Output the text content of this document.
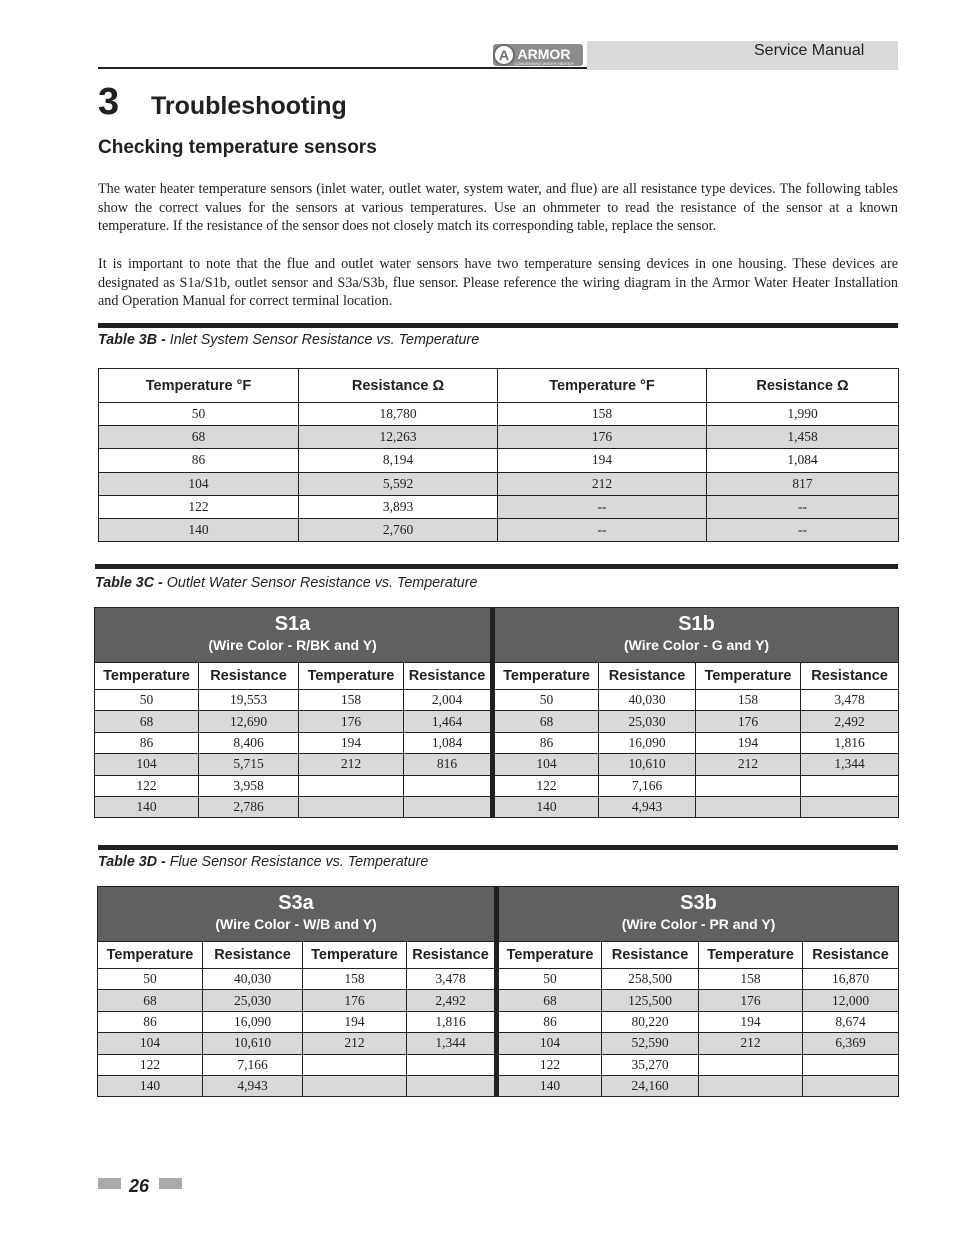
A ARMOR
CONDENSING WATER HEATER
Service Manual
3 Troubleshooting
Checking temperature sensors

The water heater temperature sensors (inlet water, outlet water, system water, and flue) are all resistance type devices. The following tables show the correct values for the sensors at various temperatures. Use an ohmmeter to read the resistance of the sensor at a known temperature. If the resistance of the sensor does not closely match its corresponding table, replace the sensor.

It is important to note that the flue and outlet water sensors have two temperature sensing devices in one housing. These devices are designated as S1a/S1b, outlet sensor and S3a/S3b, flue sensor. Please reference the wiring diagram in the Armor Water Heater Installation and Operation Manual for correct terminal location.

Table 3B - Inlet System Sensor Resistance vs. Temperature
Temperature °F	Resistance Ω	Temperature °F	Resistance Ω
50	18,780	158	1,990
68	12,263	176	1,458
86	8,194	194	1,084
104	5,592	212	817
122	3,893	--	--
140	2,760	--	--
Table 3C - Outlet Water Sensor Resistance vs. Temperature
S1a
(Wire Color - R/BK and Y)				S1b
(Wire Color - G and Y)			

Temperature	Resistance	Temperature	Resistance	Temperature	Resistance	Temperature	Resistance
50	19,553	158	2,004	50	40,030	158	3,478
68	12,690	176	1,464	68	25,030	176	2,492
86	8,406	194	1,084	86	16,090	194	1,816
104	5,715	212	816	104	10,610	212	1,344
122	3,958			122	7,166		
140	2,786			140	4,943		
Table 3D - Flue Sensor Resistance vs. Temperature
S3a
(Wire Color - W/B and Y)				S3b
(Wire Color - PR and Y)			

Temperature	Resistance	Temperature	Resistance	Temperature	Resistance	Temperature	Resistance
50	40,030	158	3,478	50	258,500	158	16,870
68	25,030	176	2,492	68	125,500	176	12,000
86	16,090	194	1,816	86	80,220	194	8,674
104	10,610	212	1,344	104	52,590	212	6,369
122	7,166			122	35,270		
140	4,943			140	24,160		
26
